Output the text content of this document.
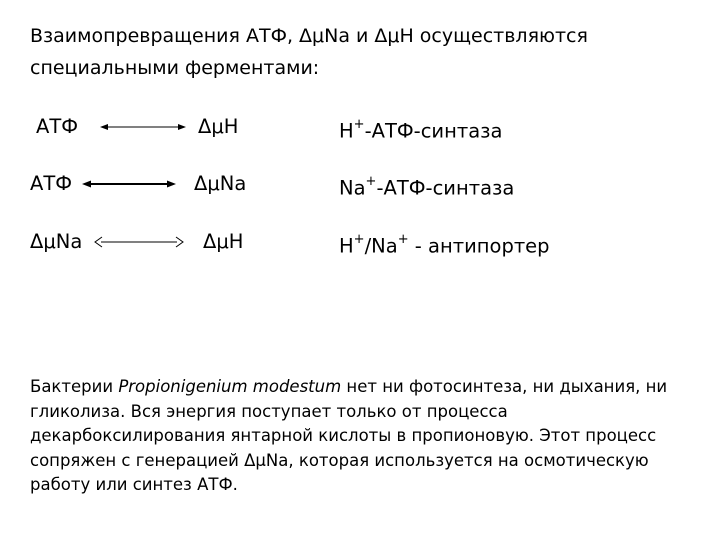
Взаимопревращения АТФ, ΔμNa и ΔμH осуществляются
специальными ферментами:
АТФ	ΔμH	H+-АТФ-синтаза
АТФ	ΔμNa	Na+-АТФ-синтаза
ΔμNa	ΔμH	H+/Na+ - антипортер
Бактерии Propionigenium modestum нет ни фотосинтеза, ни дыхания, ни гликолиза. Вся энергия поступает только от процесса декарбоксилирования янтарной кислоты в пропионовую. Этот процесс сопряжен с генерацией ΔμNa, которая используется на осмотическую работу или синтез АТФ.
